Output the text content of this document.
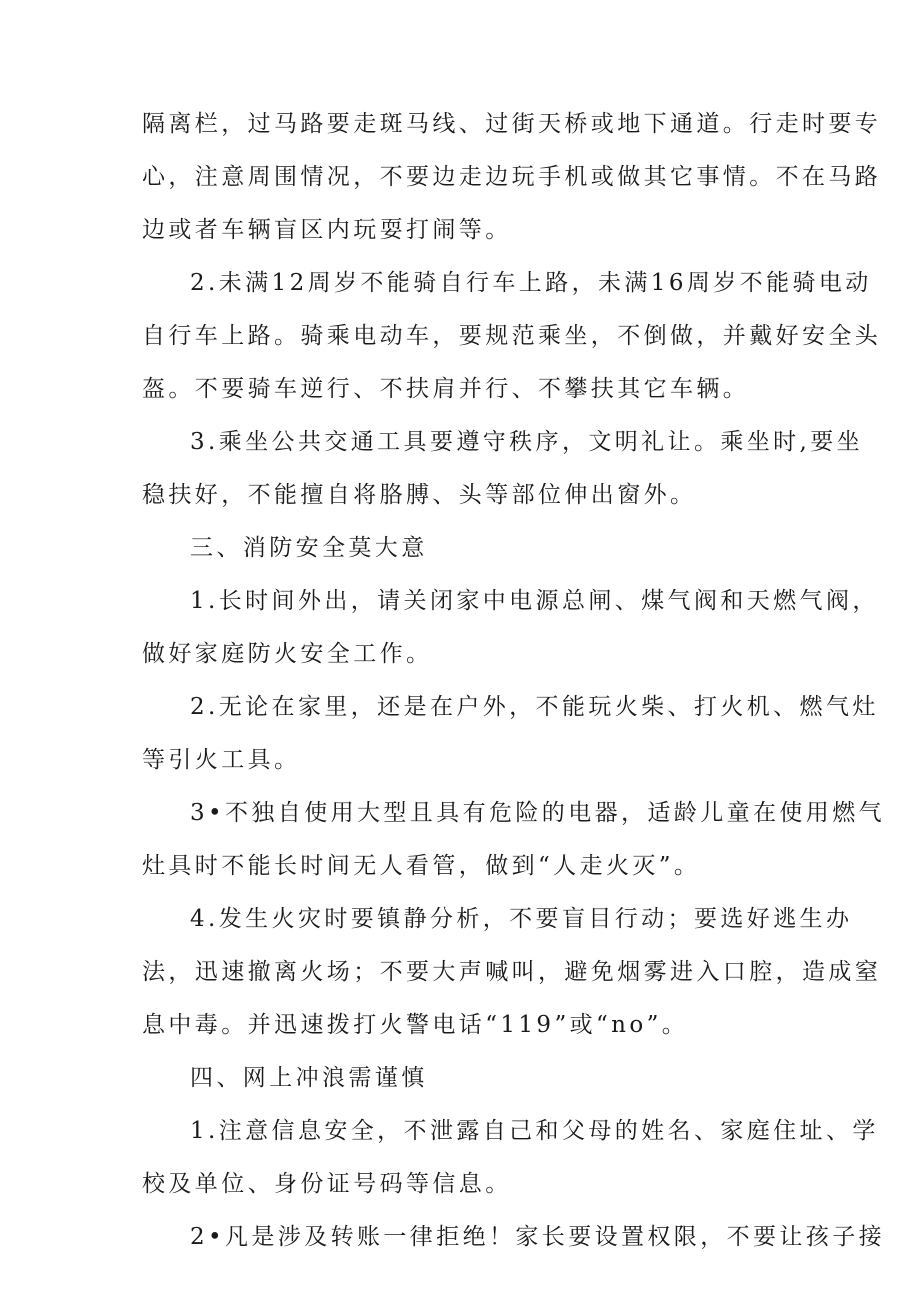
隔离栏，过马路要走斑马线、过街天桥或地下通道。行走时要专
心，注意周围情况，不要边走边玩手机或做其它事情。不在马路
边或者车辆盲区内玩耍打闹等。
2.未满12周岁不能骑自行车上路，未满16周岁不能骑电动
自行车上路。骑乘电动车，要规范乘坐，不倒做，并戴好安全头
盔。不要骑车逆行、不扶肩并行、不攀扶其它车辆。
3.乘坐公共交通工具要遵守秩序，文明礼让。乘坐时,要坐
稳扶好，不能擅自将胳膊、头等部位伸出窗外。
三、消防安全莫大意
1.长时间外出，请关闭家中电源总闸、煤气阀和天燃气阀，
做好家庭防火安全工作。
2.无论在家里，还是在户外，不能玩火柴、打火机、燃气灶
等引火工具。
3•不独自使用大型且具有危险的电器，适龄儿童在使用燃气
灶具时不能长时间无人看管，做到“人走火灭”。
4.发生火灾时要镇静分析，不要盲目行动；要选好逃生办
法，迅速撤离火场；不要大声喊叫，避免烟雾进入口腔，造成窒
息中毒。并迅速拨打火警电话“119”或“no”。
四、网上冲浪需谨慎
1.注意信息安全，不泄露自己和父母的姓名、家庭住址、学
校及单位、身份证号码等信息。
2•凡是涉及转账一律拒绝！家长要设置权限，不要让孩子接
